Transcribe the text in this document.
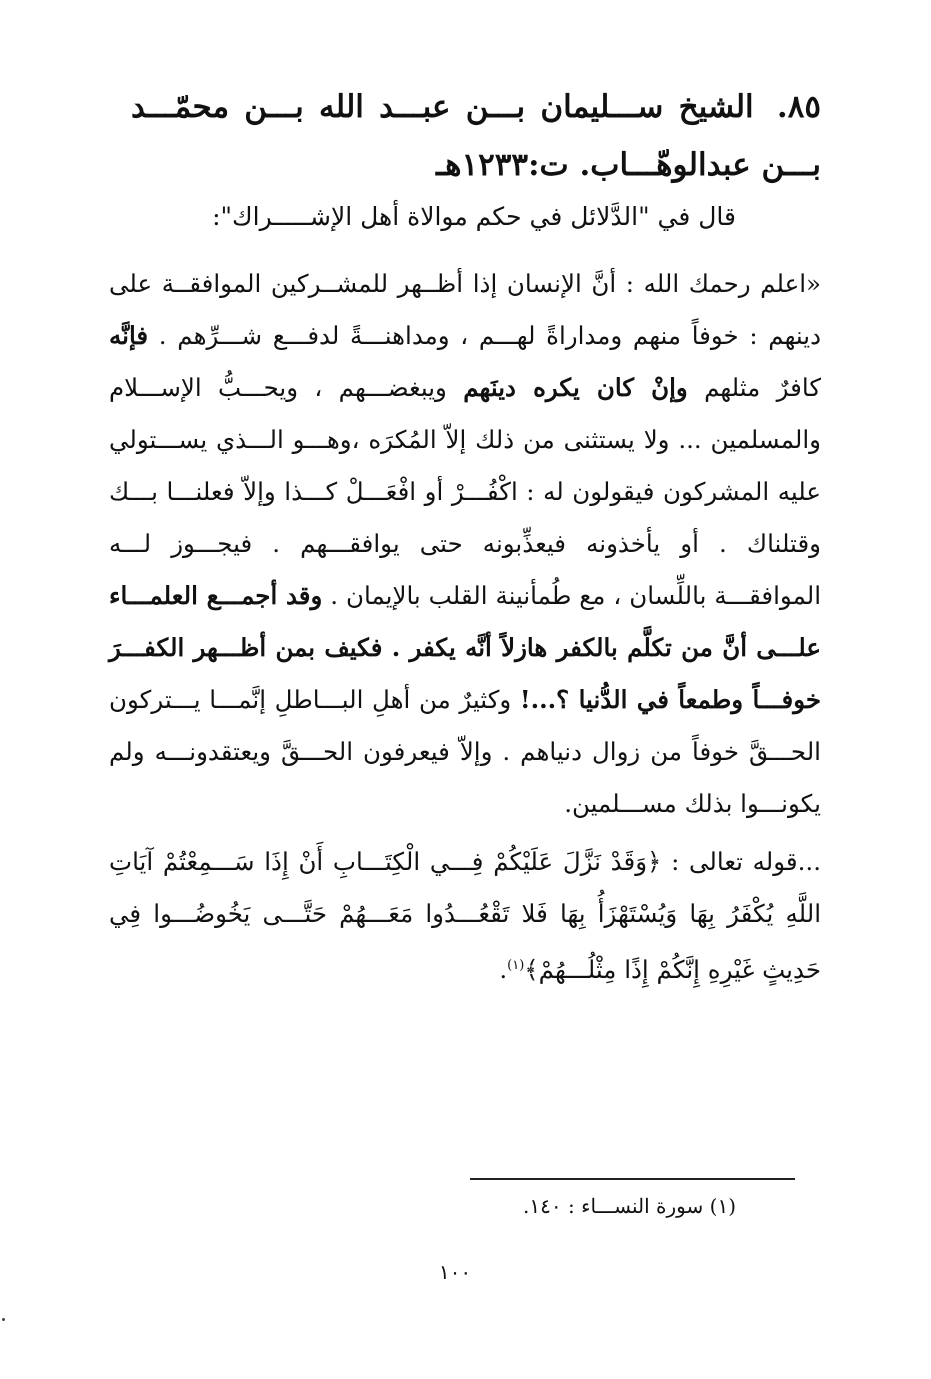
٨٥. الشيخ ســـليمان بـــن عبـــد الله بـــن محمّـــد بـــن عبدالوهّـــاب. ت:١٢٣٣هـ
قال في "الدَّلائل في حكم موالاة أهل الإشـــــراك":
«اعلم رحمك الله : أنَّ الإنسان إذا أظــهر للمشــركين الموافقــة على دينهم : خوفاً منهم ومداراةً لهـــم ، ومداهنـــةً لدفـــع شـــرِّهم . فإنَّه كافرٌ مثلهم وإنْ كان يكره دينَهم ويبغضـــهم ، ويحـــبُّ الإســـلام والمسلمين ... ولا يستثنى من ذلك إلاّ المُكرَه ،وهـــو الـــذي يســـتولي عليه المشركون فيقولون له : اكْفُـــرْ أو افْعَـــلْ كـــذا وإلاّ فعلنـــا بـــك وقتلناك . أو يأخذونه فيعذِّبونه حتى يوافقـــهم . فيجـــوز لـــه الموافقـــة باللِّسان ، مع طُمأنينة القلب بالإيمان . وقد أجمـــع العلمـــاء علـــى أنَّ من تكلَّم بالكفر هازلاً أنَّه يكفر . فكيف بمن أظـــهر الكفـــرَ خوفـــاً وطمعاً في الدُّنيا ؟...! وكثيرٌ من أهلِ البـــاطلِ إنَّمـــا يـــتركون الحـــقَّ خوفاً من زوال دنياهم . وإلاّ فيعرفون الحـــقَّ ويعتقدونـــه ولم يكونـــوا بذلك مســـلمين.
...قوله تعالى : ﴿وَقَدْ نَزَّلَ عَلَيْكُمْ فِـــي الْكِتَـــابِ أَنْ إِذَا سَـــمِعْتُمْ آيَاتِ اللَّهِ يُكْفَرُ بِهَا وَيُسْتَهْزَأُ بِهَا فَلا تَقْعُـــدُوا مَعَـــهُمْ حَتَّـــى يَخُوضُـــوا فِي حَدِيثٍ غَيْرِهِ إِنَّكُمْ إِذًا مِثْلُـــهُمْ﴾$^{(١)}$.
(١) سورة النســـاء : ١٤٠.
١٠٠
